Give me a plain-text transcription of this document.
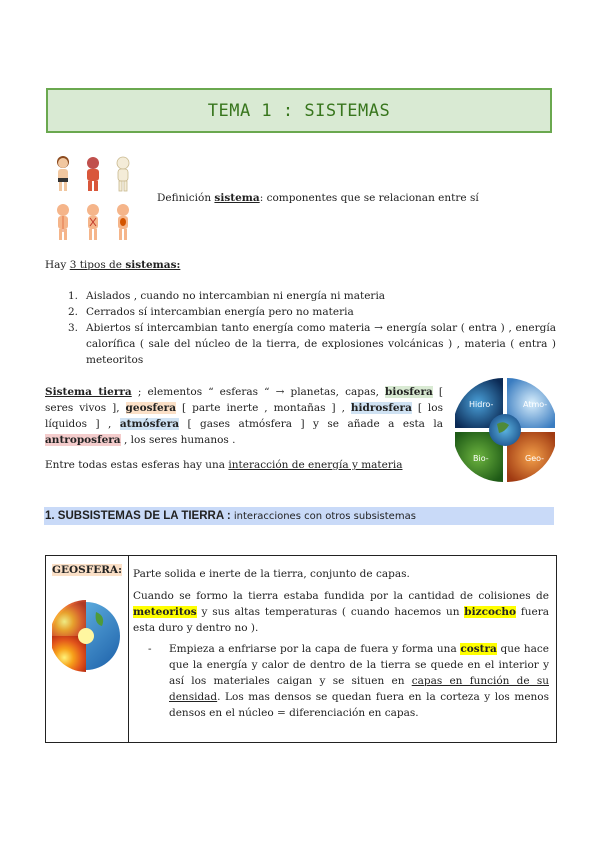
TEMA 1 : SISTEMAS
Definición sistema: componentes que se relacionan entre sí
Hay 3 tipos de sistemas:
1. Aislados , cuando no intercambian ni energía ni materia
2. Cerrados sí intercambian energía pero no materia
3. Abiertos sí intercambian tanto energía como materia → energía solar ( entra ) , energía calorífica ( sale del núcleo de la tierra, de explosiones volcánicas ) , materia ( entra ) meteoritos
Sistema tierra ; elementos “ esferas “ → planetas, capas, biosfera [ seres vivos ], geosfera [ parte inerte , montañas ] , hidrosfera [ los líquidos ] , atmósfera [ gases atmósfera ] y se añade a esta la antroposfera , los seres humanos .
Entre todas estas esferas hay una interacción de energía y materia
Hidro-	Atmo-
Bio-	Geo-
1. SUBSISTEMAS DE LA TIERRA : interacciones con otros subsistemas
GEOSFERA:	Parte solida e inerte de la tierra, conjunto de capas.
Cuando se formo la tierra estaba fundida por la cantidad de colisiones de meteoritos y sus altas temperaturas ( cuando hacemos un bizcocho fuera esta duro y dentro no ).
- Empieza a enfriarse por la capa de fuera y forma una costra que hace que la energía y calor de dentro de la tierra se quede en el interior y así los materiales caigan y se situen en capas en función de su densidad. Los mas densos se quedan fuera en la corteza y los menos densos en el núcleo = diferenciación en capas.
